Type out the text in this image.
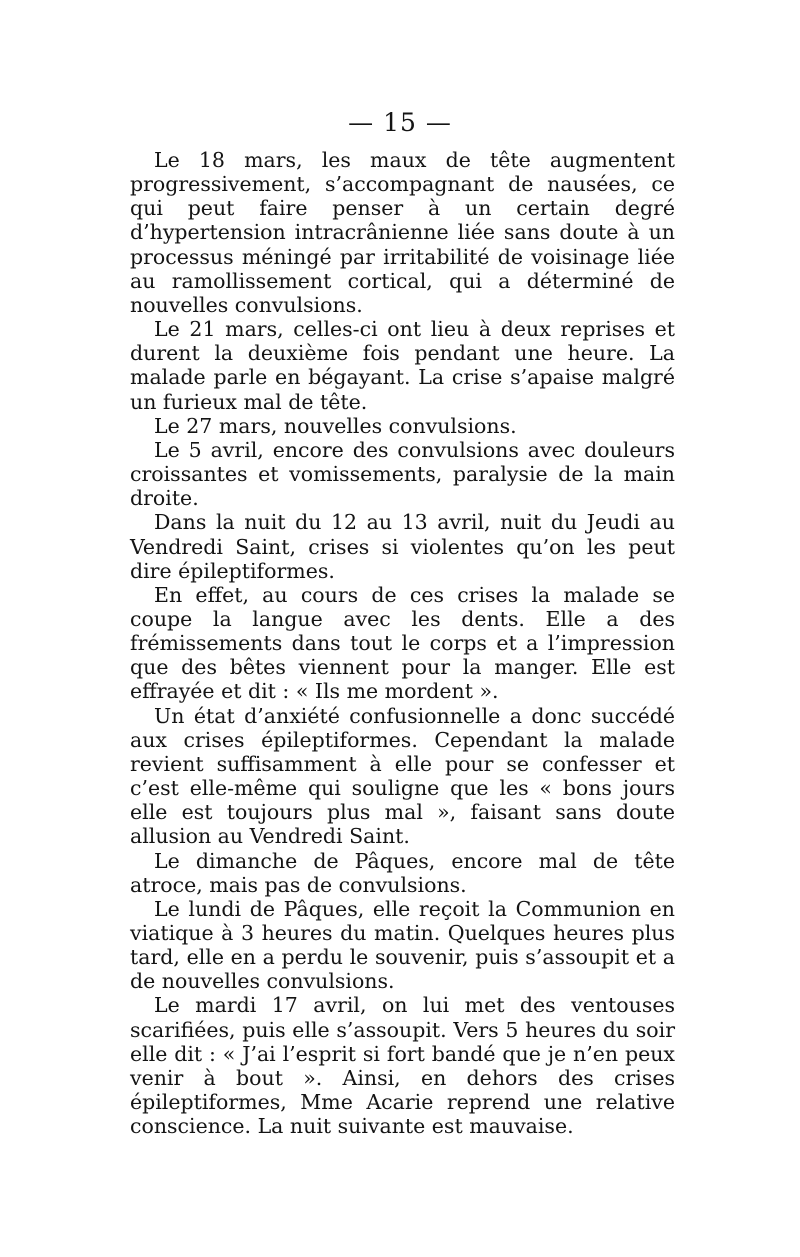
— 15 —

Le 18 mars, les maux de tête augmentent progressivement, s’accompagnant de nausées, ce qui peut faire penser à un certain degré d’hypertension intracrânienne liée sans doute à un processus méningé par irritabilité de voisinage liée au ramollissement cortical, qui a déterminé de nouvelles convulsions.

Le 21 mars, celles-ci ont lieu à deux reprises et durent la deuxième fois pendant une heure. La malade parle en bégayant. La crise s’apaise malgré un furieux mal de tête.

Le 27 mars, nouvelles convulsions.

Le 5 avril, encore des convulsions avec douleurs croissantes et vomissements, paralysie de la main droite.

Dans la nuit du 12 au 13 avril, nuit du Jeudi au Vendredi Saint, crises si violentes qu’on les peut dire épileptiformes.

En effet, au cours de ces crises la malade se coupe la langue avec les dents. Elle a des frémissements dans tout le corps et a l’impression que des bêtes viennent pour la manger. Elle est effrayée et dit : « Ils me mordent ».

Un état d’anxiété confusionnelle a donc succédé aux crises épileptiformes. Cependant la malade revient suffisamment à elle pour se confesser et c’est elle-même qui souligne que les « bons jours elle est toujours plus mal », faisant sans doute allusion au Vendredi Saint.

Le dimanche de Pâques, encore mal de tête atroce, mais pas de convulsions.

Le lundi de Pâques, elle reçoit la Communion en viatique à 3 heures du matin. Quelques heures plus tard, elle en a perdu le souvenir, puis s’assoupit et a de nouvelles convulsions.

Le mardi 17 avril, on lui met des ventouses scarifiées, puis elle s’assoupit. Vers 5 heures du soir elle dit : « J’ai l’esprit si fort bandé que je n’en peux venir à bout ». Ainsi, en dehors des crises épileptiformes, Mme Acarie reprend une relative conscience. La nuit suivante est mauvaise.
